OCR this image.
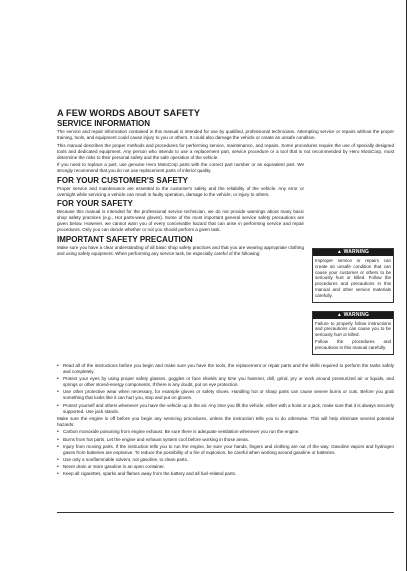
A FEW WORDS ABOUT SAFETY
SERVICE INFORMATION

The service and repair information contained in this manual is intended for use by qualified, professional technicians. Attempting service or repairs without the proper training, tools, and equipment could cause injury to you or others. It could also damage the vehicle or create an unsafe condition.

This manual describes the proper methods and procedures for performing service, maintenance, and repairs. Some procedures require the use of specially designed tools and dedicated equipment. Any person who intends to use a replacement part, service procedure or a tool that is not recommended by Hero MotoCorp, must determine the risks to their personal safety and the safe operation of the vehicle.

If you need to replace a part, use genuine Hero MotoCorp parts with the correct part number or an equivalent part. We strongly recommend that you do not use replacement parts of inferior quality.

FOR YOUR CUSTOMER'S SAFETY

Proper service and maintenance are essential to the customer's safety and the reliability of the vehicle. Any error or oversight while servicing a vehicle can result in faulty operation, damage to the vehicle, or injury to others.

FOR YOUR SAFETY

Because this manual is intended for the professional service technician, we do not provide warnings about many basic shop safety practices (e.g., Hot parts-wear gloves). Some of the most important general service safety precautions are given below. However, we cannot warn you of every conceivable hazard that can arise in performing service and repair procedures. Only you can decide whether or not you should perform a given task.

IMPORTANT SAFETY PRECAUTION

Make sure you have a clear understanding of all basic shop safety practices and that you are wearing appropriate clothing and using safety equipment. When performing any service task, be especially careful of the following:	▲ WARNING

Improper service or repairs can create an unsafe condition that can cause your customer or others to be seriously hurt or killed. Follow the procedures and precautions in this manual and other service materials carefully.

▲ WARNING

Failure to properly follow instructions and precautions can cause you to be seriously hurt or killed.

Follow the procedures and precautions in this manual carefully.

• Read all of the instructions before you begin and make sure you have the tools, the replacement or repair parts and the skills required to perform the tasks safely and completely.
• Protect your eyes by using proper safety glasses, goggles or face shields any time you hammer, drill, grind, pry or work around pressurized air or liquids, and springs or other stored-energy components. If there is any doubt, put on eye protection.
• Use other protective wear when necessary, for example gloves or safety shoes. Handling hot or sharp parts can cause severe burns or cuts. Before you grab something that looks like it can hurt you, stop and put on gloves.
• Protect yourself and others whenever you have the vehicle up in the air. Any time you lift the vehicle, either with a hoist or a jack, make sure that it is always securely supported. Use jack stands.

Make sure the engine is off before you begin any servicing procedures, unless the instruction tells you to do otherwise. This will help eliminate several potential hazards:

• Carbon monoxide poisoning from engine exhaust. Be sure there is adequate ventilation whenever you run the engine.
• Burns from hot parts. Let the engine and exhaust system cool before working in those areas.
• Injury from moving parts. If the instruction tells you to run the engine, be sure your hands, fingers and clothing are out of the way. Gasoline vapors and hydrogen gases from batteries are explosive. To reduce the possibility of a fire of explosion, be careful when working around gasoline or batteries.
• Use only a nonflammable solvent, not gasoline, to clean parts.
• Never drain or store gasoline in an open container.
• Keep all cigarettes, sparks and flames away from the battery and all fuel-related parts.
